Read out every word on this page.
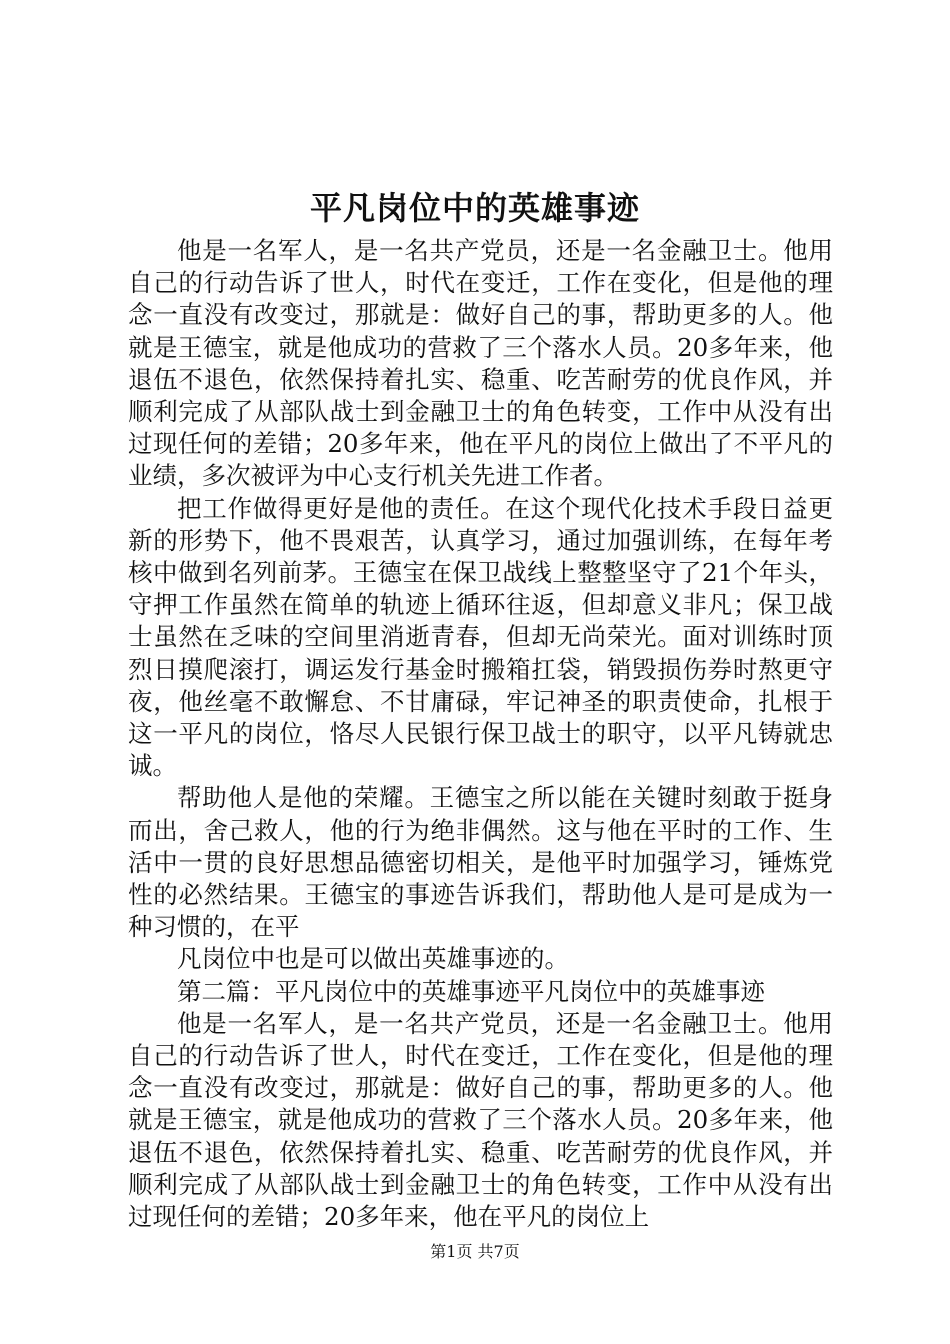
平凡岗位中的英雄事迹

他是一名军人，是一名共产党员，还是一名金融卫士。他用自己的行动告诉了世人，时代在变迁，工作在变化，但是他的理念一直没有改变过，那就是：做好自己的事，帮助更多的人。他就是王德宝，就是他成功的营救了三个落水人员。20多年来，他退伍不退色，依然保持着扎实、稳重、吃苦耐劳的优良作风，并顺利完成了从部队战士到金融卫士的角色转变，工作中从没有出过现任何的差错；20多年来，他在平凡的岗位上做出了不平凡的业绩，多次被评为中心支行机关先进工作者。

把工作做得更好是他的责任。在这个现代化技术手段日益更新的形势下，他不畏艰苦，认真学习，通过加强训练，在每年考核中做到名列前茅。王德宝在保卫战线上整整坚守了21个年头，守押工作虽然在简单的轨迹上循环往返，但却意义非凡；保卫战士虽然在乏味的空间里消逝青春，但却无尚荣光。面对训练时顶烈日摸爬滚打，调运发行基金时搬箱扛袋，销毁损伤券时熬更守夜，他丝毫不敢懈怠、不甘庸碌，牢记神圣的职责使命，扎根于这一平凡的岗位，恪尽人民银行保卫战士的职守，以平凡铸就忠诚。

帮助他人是他的荣耀。王德宝之所以能在关键时刻敢于挺身而出，舍己救人，他的行为绝非偶然。这与他在平时的工作、生活中一贯的良好思想品德密切相关，是他平时加强学习，锤炼党性的必然结果。王德宝的事迹告诉我们，帮助他人是可是成为一种习惯的，在平

凡岗位中也是可以做出英雄事迹的。

第二篇：平凡岗位中的英雄事迹平凡岗位中的英雄事迹

他是一名军人，是一名共产党员，还是一名金融卫士。他用自己的行动告诉了世人，时代在变迁，工作在变化，但是他的理念一直没有改变过，那就是：做好自己的事，帮助更多的人。他就是王德宝，就是他成功的营救了三个落水人员。20多年来，他退伍不退色，依然保持着扎实、稳重、吃苦耐劳的优良作风，并顺利完成了从部队战士到金融卫士的角色转变，工作中从没有出过现任何的差错；20多年来，他在平凡的岗位上

第1页 共7页
